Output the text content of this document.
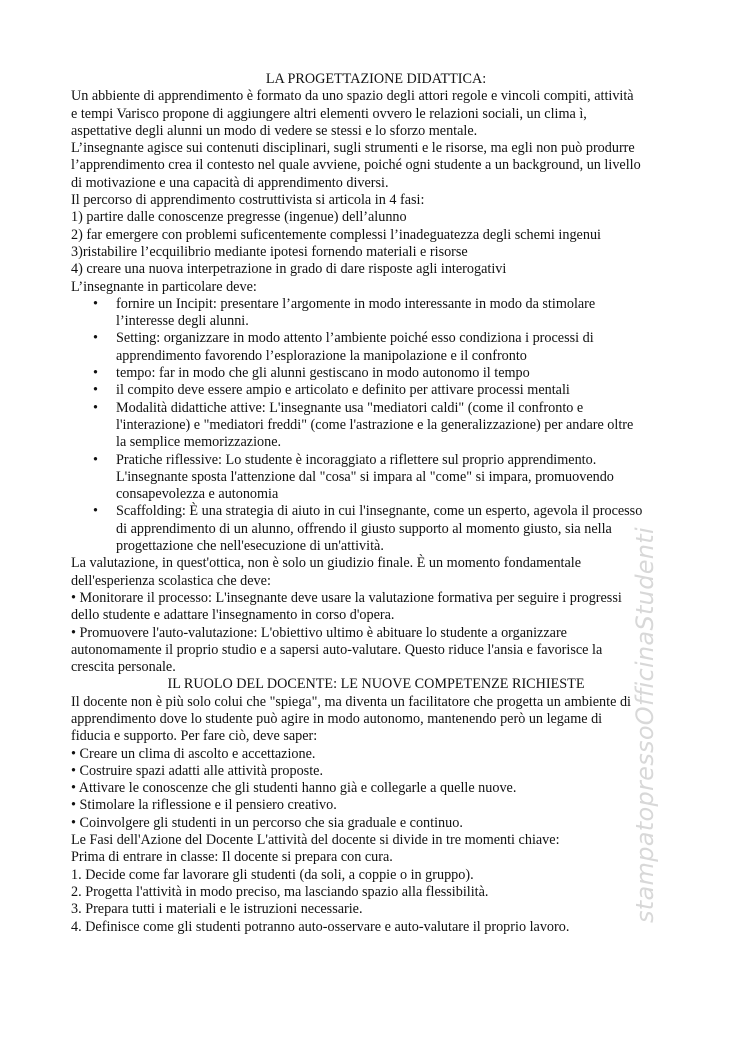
LA PROGETTAZIONE DIDATTICA:
Un abbiente di apprendimento è formato da uno spazio degli attori regole e vincoli compiti, attività
e tempi Varisco propone di aggiungere altri elementi ovvero le relazioni sociali, un clima ì,
aspettative degli alunni un modo di vedere se stessi e lo sforzo mentale.
L’insegnante agisce sui contenuti disciplinari, sugli strumenti e le risorse, ma egli non può produrre
l’apprendimento crea il contesto nel quale avviene, poiché ogni studente a un background, un livello
di motivazione e una capacità di apprendimento diversi.
Il percorso di apprendimento costruttivista si articola in 4 fasi:
1) partire dalle conoscenze pregresse (ingenue) dell’alunno
2) far emergere con problemi suficentemente complessi l’inadeguatezza degli schemi ingenui
3)ristabilire l’ecquilibrio mediante ipotesi fornendo materiali e risorse
4) creare una nuova interpetrazione in grado di dare risposte agli interogativi
L’insegnante in particolare deve:
• fornire un Incipit: presentare l’argomente in modo interessante in modo da stimolare
l’interesse degli alunni.
• Setting: organizzare in modo attento l’ambiente poiché esso condiziona i processi di
apprendimento favorendo l’esplorazione la manipolazione e il confronto
• tempo: far in modo che gli alunni gestiscano in modo autonomo il tempo
• il compito deve essere ampio e articolato e definito per attivare processi mentali
• Modalità didattiche attive: L'insegnante usa "mediatori caldi" (come il confronto e
l'interazione) e "mediatori freddi" (come l'astrazione e la generalizzazione) per andare oltre
la semplice memorizzazione.
• Pratiche riflessive: Lo studente è incoraggiato a riflettere sul proprio apprendimento.
L'insegnante sposta l'attenzione dal "cosa" si impara al "come" si impara, promuovendo
consapevolezza e autonomia
• Scaffolding: È una strategia di aiuto in cui l'insegnante, come un esperto, agevola il processo
di apprendimento di un alunno, offrendo il giusto supporto al momento giusto, sia nella
progettazione che nell'esecuzione di un'attività.
La valutazione, in quest'ottica, non è solo un giudizio finale. È un momento fondamentale
dell'esperienza scolastica che deve:
• Monitorare il processo: L'insegnante deve usare la valutazione formativa per seguire i progressi
dello studente e adattare l'insegnamento in corso d'opera.
• Promuovere l'auto-valutazione: L'obiettivo ultimo è abituare lo studente a organizzare
autonomamente il proprio studio e a sapersi auto-valutare. Questo riduce l'ansia e favorisce la
crescita personale.
IL RUOLO DEL DOCENTE: LE NUOVE COMPETENZE RICHIESTE
Il docente non è più solo colui che "spiega", ma diventa un facilitatore che progetta un ambiente di
apprendimento dove lo studente può agire in modo autonomo, mantenendo però un legame di
fiducia e supporto. Per fare ciò, deve saper:
• Creare un clima di ascolto e accettazione.
• Costruire spazi adatti alle attività proposte.
• Attivare le conoscenze che gli studenti hanno già e collegarle a quelle nuove.
• Stimolare la riflessione e il pensiero creativo.
• Coinvolgere gli studenti in un percorso che sia graduale e continuo.
Le Fasi dell'Azione del Docente L'attività del docente si divide in tre momenti chiave:
Prima di entrare in classe: Il docente si prepara con cura.
1. Decide come far lavorare gli studenti (da soli, a coppie o in gruppo).
2. Progetta l'attività in modo preciso, ma lasciando spazio alla flessibilità.
3. Prepara tutti i materiali e le istruzioni necessarie.
4. Definisce come gli studenti potranno auto-osservare e auto-valutare il proprio lavoro.
stampatopressoOfficinaStudenti
